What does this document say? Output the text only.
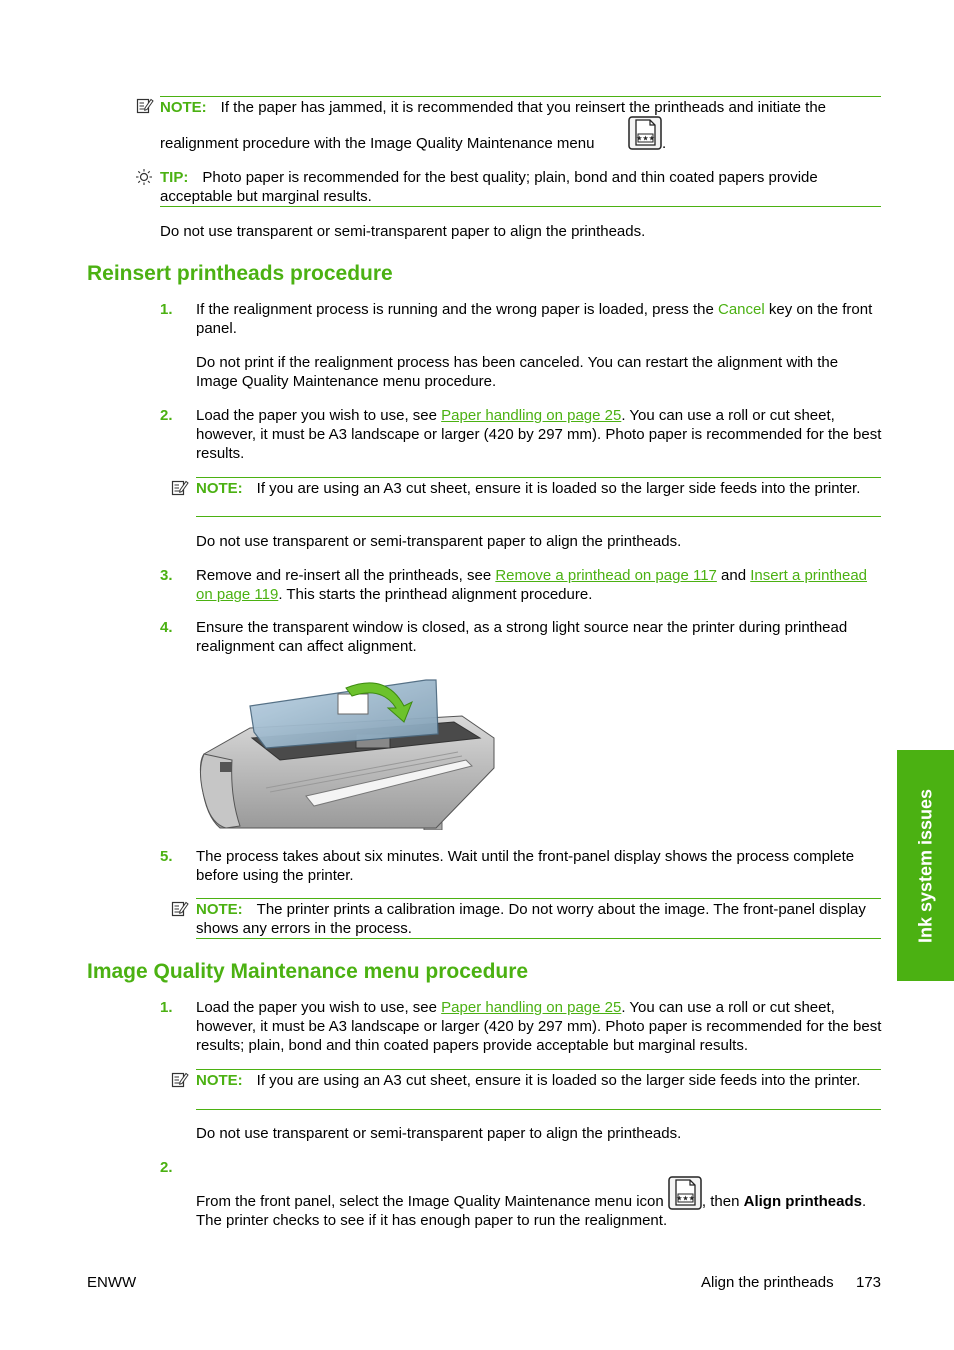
NOTE: If the paper has jammed, it is recommended that you reinsert the printheads and initiate the
realignment procedure with the Image Quality Maintenance menu	.
TIP: Photo paper is recommended for the best quality; plain, bond and thin coated papers provide acceptable but marginal results.
Do not use transparent or semi-transparent paper to align the printheads.
Reinsert printheads procedure
1. If the realignment process is running and the wrong paper is loaded, press the Cancel key on the front panel.
Do not print if the realignment process has been canceled. You can restart the alignment with the Image Quality Maintenance menu procedure.
2. Load the paper you wish to use, see Paper handling on page 25. You can use a roll or cut sheet, however, it must be A3 landscape or larger (420 by 297 mm). Photo paper is recommended for the best results.
NOTE: If you are using an A3 cut sheet, ensure it is loaded so the larger side feeds into the printer.
Do not use transparent or semi-transparent paper to align the printheads.
3. Remove and re-insert all the printheads, see Remove a printhead on page 117 and Insert a printhead on page 119. This starts the printhead alignment procedure.
4. Ensure the transparent window is closed, as a strong light source near the printer during printhead realignment can affect alignment.
5. The process takes about six minutes. Wait until the front-panel display shows the process complete before using the printer.
NOTE: The printer prints a calibration image. Do not worry about the image. The front-panel display shows any errors in the process.
Image Quality Maintenance menu procedure
1. Load the paper you wish to use, see Paper handling on page 25. You can use a roll or cut sheet, however, it must be A3 landscape or larger (420 by 297 mm). Photo paper is recommended for the best results; plain, bond and thin coated papers provide acceptable but marginal results.
NOTE: If you are using an A3 cut sheet, ensure it is loaded so the larger side feeds into the printer.
Do not use transparent or semi-transparent paper to align the printheads.
2.
From the front panel, select the Image Quality Maintenance menu icon , then Align printheads. The printer checks to see if it has enough paper to run the realignment.
Ink system issues
ENWW	Align the printheads 173
